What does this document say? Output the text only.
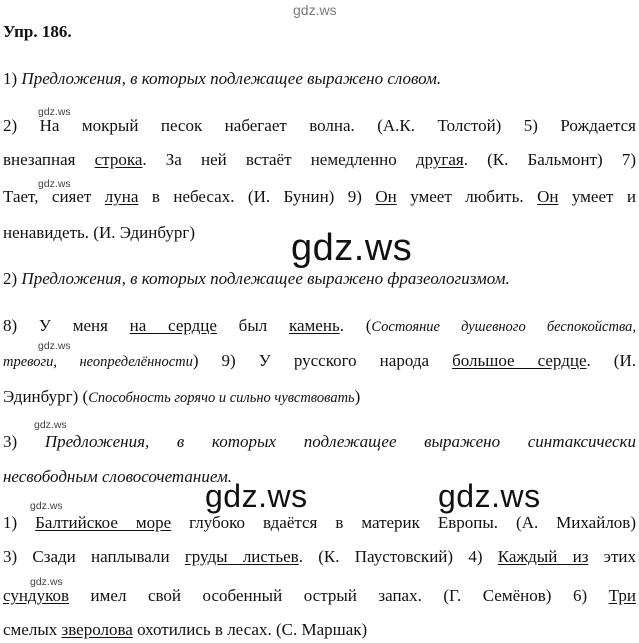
gdz.ws
Упр. 186.
1) Предложения, в которых подлежащее выражено словом.
gdz.ws
2) На мокрый песок набегает волна. (А.К. Толстой) 5) Рождается
внезапная строка. За ней встаёт немедленно другая. (К. Бальмонт) 7)
gdz.ws
Тает, сияет луна в небесах. (И. Бунин) 9) Он умеет любить. Он умеет и
ненавидеть. (И. Эдинбург)	gdz.ws
2) Предложения, в которых подлежащее выражено фразеологизмом.
8) У меня на сердце был камень. (Состояние душевного беспокойства,
gdz.ws
тревоги, неопределённости) 9) У русского народа большое сердце. (И.
Эдинбург) (Способность горячо и сильно чувствовать)
gdz.ws
3) Предложения, в которых подлежащее выражено синтаксически
несвободным словосочетанием.
gdz.ws	gdz.ws
gdz.ws
1) Балтийское море глубоко вдаётся в материк Европы. (А. Михайлов)
3) Сзади наплывали груды листьев. (К. Паустовский) 4) Каждый из этих
gdz.ws
сундуков имел свой особенный острый запах. (Г. Семёнов) 6) Три
смелых зверолова охотились в лесах. (С. Маршак)
